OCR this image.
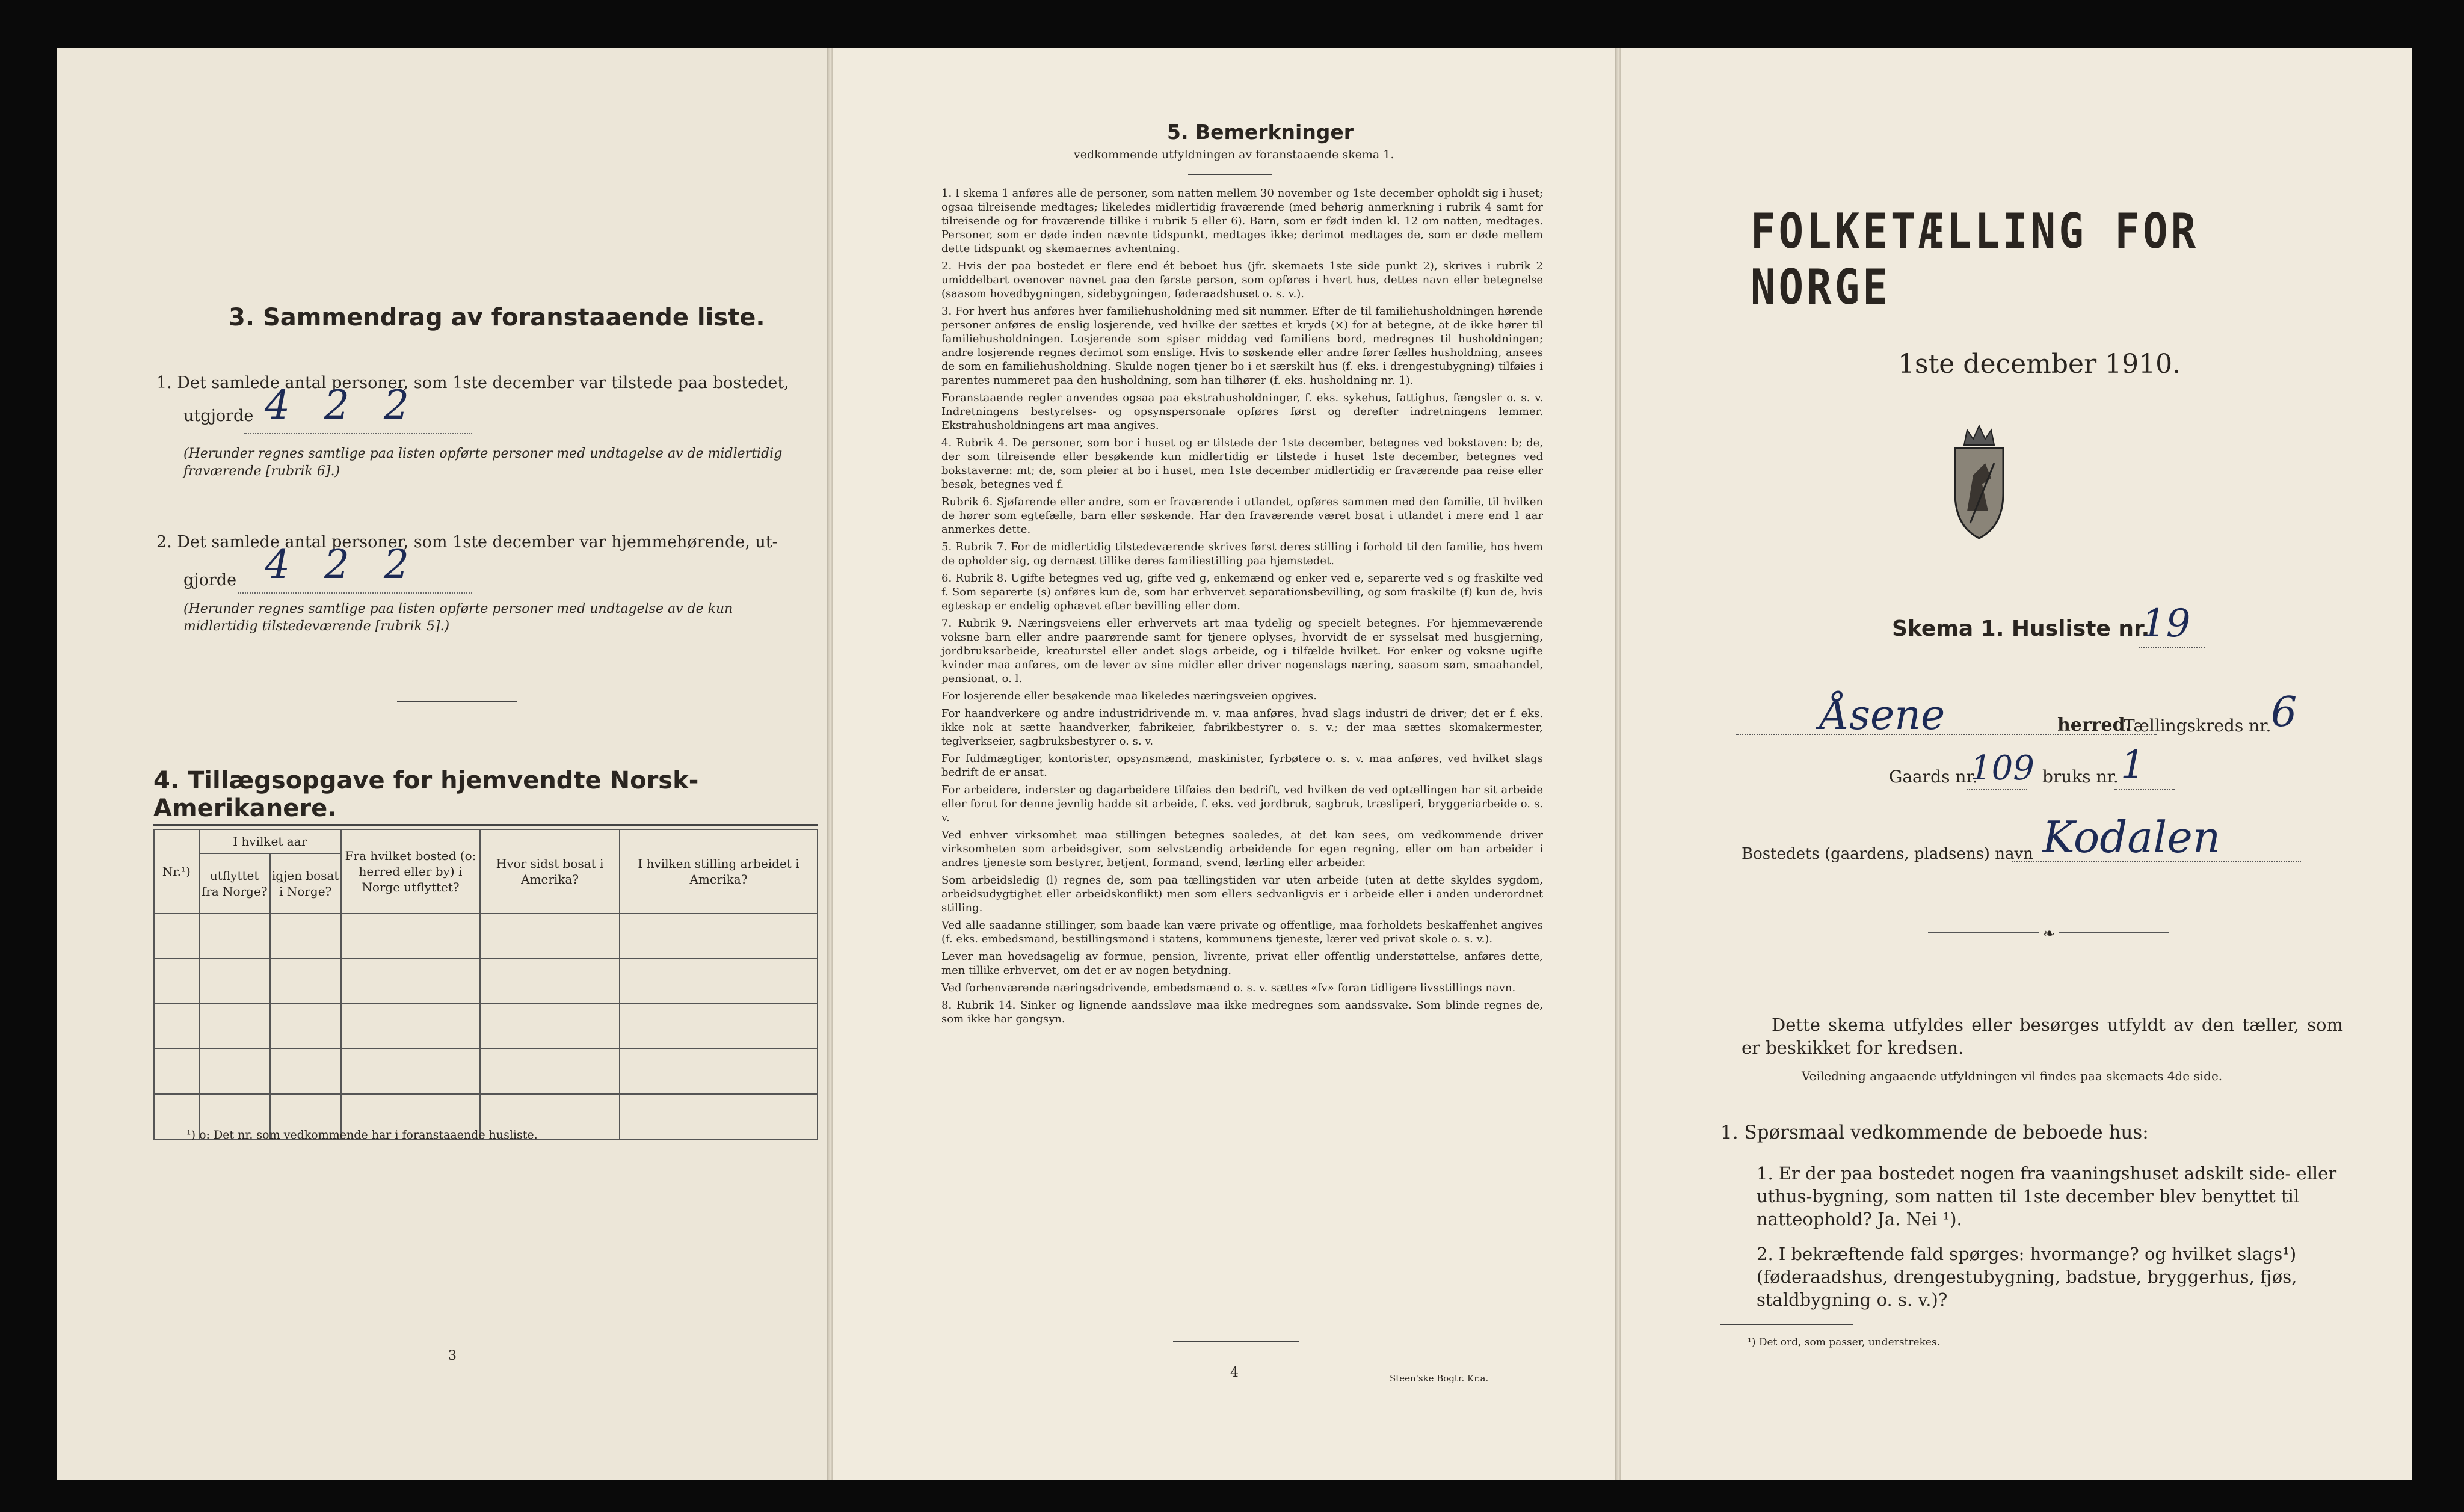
3. Sammendrag av foranstaaende liste.
1. Det samlede antal personer, som 1ste december var tilstede paa bostedet,
utgjorde 4 2 2
(Herunder regnes samtlige paa listen opførte personer med undtagelse av de midlertidig fraværende [rubrik 6].)
2. Det samlede antal personer, som 1ste december var hjemmehørende, ut-
gjorde 4 2 2
(Herunder regnes samtlige paa listen opførte personer med undtagelse av de kun midlertidig tilstedeværende [rubrik 5].)
4. Tillægsopgave for hjemvendte Norsk-Amerikanere.
Nr.¹)	I hvilket aar		Fra hvilket bosted (o: herred eller by) i Norge utflyttet?	Hvor sidst bosat i Amerika?	I hvilken stilling arbeidet i Amerika?
	utflyttet fra Norge?	igjen bosat i Norge?			

¹) o: Det nr. som vedkommende har i foranstaaende husliste.
3
5. Bemerkninger
vedkommende utfyldningen av foranstaaende skema 1.

1. I skema 1 anføres alle de personer, som natten mellem 30 november og 1ste december opholdt sig i huset; ogsaa tilreisende medtages; likeledes midlertidig fraværende (med behørig anmerkning i rubrik 4 samt for tilreisende og for fraværende tillike i rubrik 5 eller 6). Barn, som er født inden kl. 12 om natten, medtages. Personer, som er døde inden nævnte tidspunkt, medtages ikke; derimot medtages de, som er døde mellem dette tidspunkt og skemaernes avhentning.

2. Hvis der paa bostedet er flere end ét beboet hus (jfr. skemaets 1ste side punkt 2), skrives i rubrik 2 umiddelbart ovenover navnet paa den første person, som opføres i hvert hus, dettes navn eller betegnelse (saasom hovedbygningen, sidebygningen, føderaadshuset o. s. v.).

3. For hvert hus anføres hver familiehusholdning med sit nummer. Efter de til familiehusholdningen hørende personer anføres de enslig losjerende, ved hvilke der sættes et kryds (×) for at betegne, at de ikke hører til familiehusholdningen. Losjerende som spiser middag ved familiens bord, medregnes til husholdningen; andre losjerende regnes derimot som enslige. Hvis to søskende eller andre fører fælles husholdning, ansees de som en familiehusholdning. Skulde nogen tjener bo i et særskilt hus (f. eks. i drengestubygning) tilføies i parentes nummeret paa den husholdning, som han tilhører (f. eks. husholdning nr. 1).

Foranstaaende regler anvendes ogsaa paa ekstrahusholdninger, f. eks. sykehus, fattighus, fængsler o. s. v. Indretningens bestyrelses- og opsynspersonale opføres først og derefter indretningens lemmer. Ekstrahusholdningens art maa angives.

4. Rubrik 4. De personer, som bor i huset og er tilstede der 1ste december, betegnes ved bokstaven: b; de, der som tilreisende eller besøkende kun midlertidig er tilstede i huset 1ste december, betegnes ved bokstaverne: mt; de, som pleier at bo i huset, men 1ste december midlertidig er fraværende paa reise eller besøk, betegnes ved f.

Rubrik 6. Sjøfarende eller andre, som er fraværende i utlandet, opføres sammen med den familie, til hvilken de hører som egtefælle, barn eller søskende. Har den fraværende været bosat i utlandet i mere end 1 aar anmerkes dette.

5. Rubrik 7. For de midlertidig tilstedeværende skrives først deres stilling i forhold til den familie, hos hvem de opholder sig, og dernæst tillike deres familiestilling paa hjemstedet.

6. Rubrik 8. Ugifte betegnes ved ug, gifte ved g, enkemænd og enker ved e, separerte ved s og fraskilte ved f. Som separerte (s) anføres kun de, som har erhvervet separationsbevilling, og som fraskilte (f) kun de, hvis egteskap er endelig ophævet efter bevilling eller dom.

7. Rubrik 9. Næringsveiens eller erhvervets art maa tydelig og specielt betegnes. For hjemmeværende voksne barn eller andre paarørende samt for tjenere oplyses, hvorvidt de er sysselsat med husgjerning, jordbruksarbeide, kreaturstel eller andet slags arbeide, og i tilfælde hvilket. For enker og voksne ugifte kvinder maa anføres, om de lever av sine midler eller driver nogenslags næring, saasom søm, smaahandel, pensionat, o. l.

For losjerende eller besøkende maa likeledes næringsveien opgives.

For haandverkere og andre industridrivende m. v. maa anføres, hvad slags industri de driver; det er f. eks. ikke nok at sætte haandverker, fabrikeier, fabrikbestyrer o. s. v.; der maa sættes skomakermester, teglverkseier, sagbruksbestyrer o. s. v.

For fuldmægtiger, kontorister, opsynsmænd, maskinister, fyrbøtere o. s. v. maa anføres, ved hvilket slags bedrift de er ansat.

For arbeidere, inderster og dagarbeidere tilføies den bedrift, ved hvilken de ved optællingen har sit arbeide eller forut for denne jevnlig hadde sit arbeide, f. eks. ved jordbruk, sagbruk, træsliperi, bryggeriarbeide o. s. v.

Ved enhver virksomhet maa stillingen betegnes saaledes, at det kan sees, om vedkommende driver virksomheten som arbeidsgiver, som selvstændig arbeidende for egen regning, eller om han arbeider i andres tjeneste som bestyrer, betjent, formand, svend, lærling eller arbeider.

Som arbeidsledig (l) regnes de, som paa tællingstiden var uten arbeide (uten at dette skyldes sygdom, arbeidsudygtighet eller arbeidskonflikt) men som ellers sedvanligvis er i arbeide eller i anden underordnet stilling.

Ved alle saadanne stillinger, som baade kan være private og offentlige, maa forholdets beskaffenhet angives (f. eks. embedsmand, bestillingsmand i statens, kommunens tjeneste, lærer ved privat skole o. s. v.).

Lever man hovedsagelig av formue, pension, livrente, privat eller offentlig understøttelse, anføres dette, men tillike erhvervet, om det er av nogen betydning.

Ved forhenværende næringsdrivende, embedsmænd o. s. v. sættes «fv» foran tidligere livsstillings navn.

8. Rubrik 14. Sinker og lignende aandssløve maa ikke medregnes som aandssvake. Som blinde regnes de, som ikke har gangsyn.

4	Steen'ske Bogtr. Kr.a.
FOLKETÆLLING FOR NORGE
1ste december 1910.
Skema 1. Husliste nr.
19
Åsene	herred.
Tællingskreds nr. 6
Gaards nr.
109 bruks nr. 1
Bostedets (gaardens, pladsens) navn Kodalen
❧
Dette skema utfyldes eller besørges utfyldt av den tæller, som er beskikket for kredsen.
Veiledning angaaende utfyldningen vil findes paa skemaets 4de side.
1. Spørsmaal vedkommende de beboede hus:
1. Er der paa bostedet nogen fra vaaningshuset adskilt side- eller uthus-bygning, som natten til 1ste december blev benyttet til natteophold? Ja. Nei ¹).
2. I bekræftende fald spørges: hvormange? og hvilket slags¹) (føderaadshus, drengestubygning, badstue, bryggerhus, fjøs, staldbygning o. s. v.)?
¹) Det ord, som passer, understrekes.
